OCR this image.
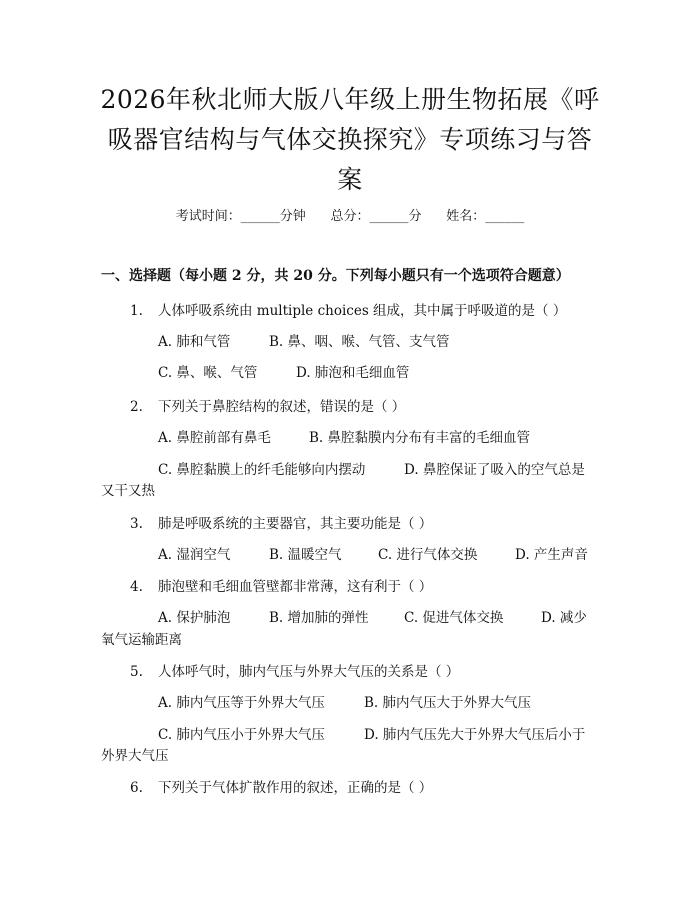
2026年秋北师大版八年级上册生物拓展《呼
吸器官结构与气体交换探究》专项练习与答
案
考试时间：______分钟      总分：______分      姓名：______
一、选择题（每小题 2 分，共 20 分。下列每小题只有一个选项符合题意）
1. 人体呼吸系统由 multiple choices 组成，其中属于呼吸道的是（ ）
A. 肺和气管	B. 鼻、咽、喉、气管、支气管
C. 鼻、喉、气管	D. 肺泡和毛细血管
2. 下列关于鼻腔结构的叙述，错误的是（ ）
A. 鼻腔前部有鼻毛	B. 鼻腔黏膜内分布有丰富的毛细血管
C. 鼻腔黏膜上的纤毛能够向内摆动	D. 鼻腔保证了吸入的空气总是
又干又热
3. 肺是呼吸系统的主要器官，其主要功能是（ ）
A. 湿润空气	B. 温暖空气	C. 进行气体交换	D. 产生声音
4. 肺泡壁和毛细血管壁都非常薄，这有利于（ ）
A. 保护肺泡	B. 增加肺的弹性	C. 促进气体交换	D. 减少
氧气运输距离
5. 人体呼气时，肺内气压与外界大气压的关系是（ ）
A. 肺内气压等于外界大气压	B. 肺内气压大于外界大气压
C. 肺内气压小于外界大气压	D. 肺内气压先大于外界大气压后小于
外界大气压
6. 下列关于气体扩散作用的叙述，正确的是（ ）
